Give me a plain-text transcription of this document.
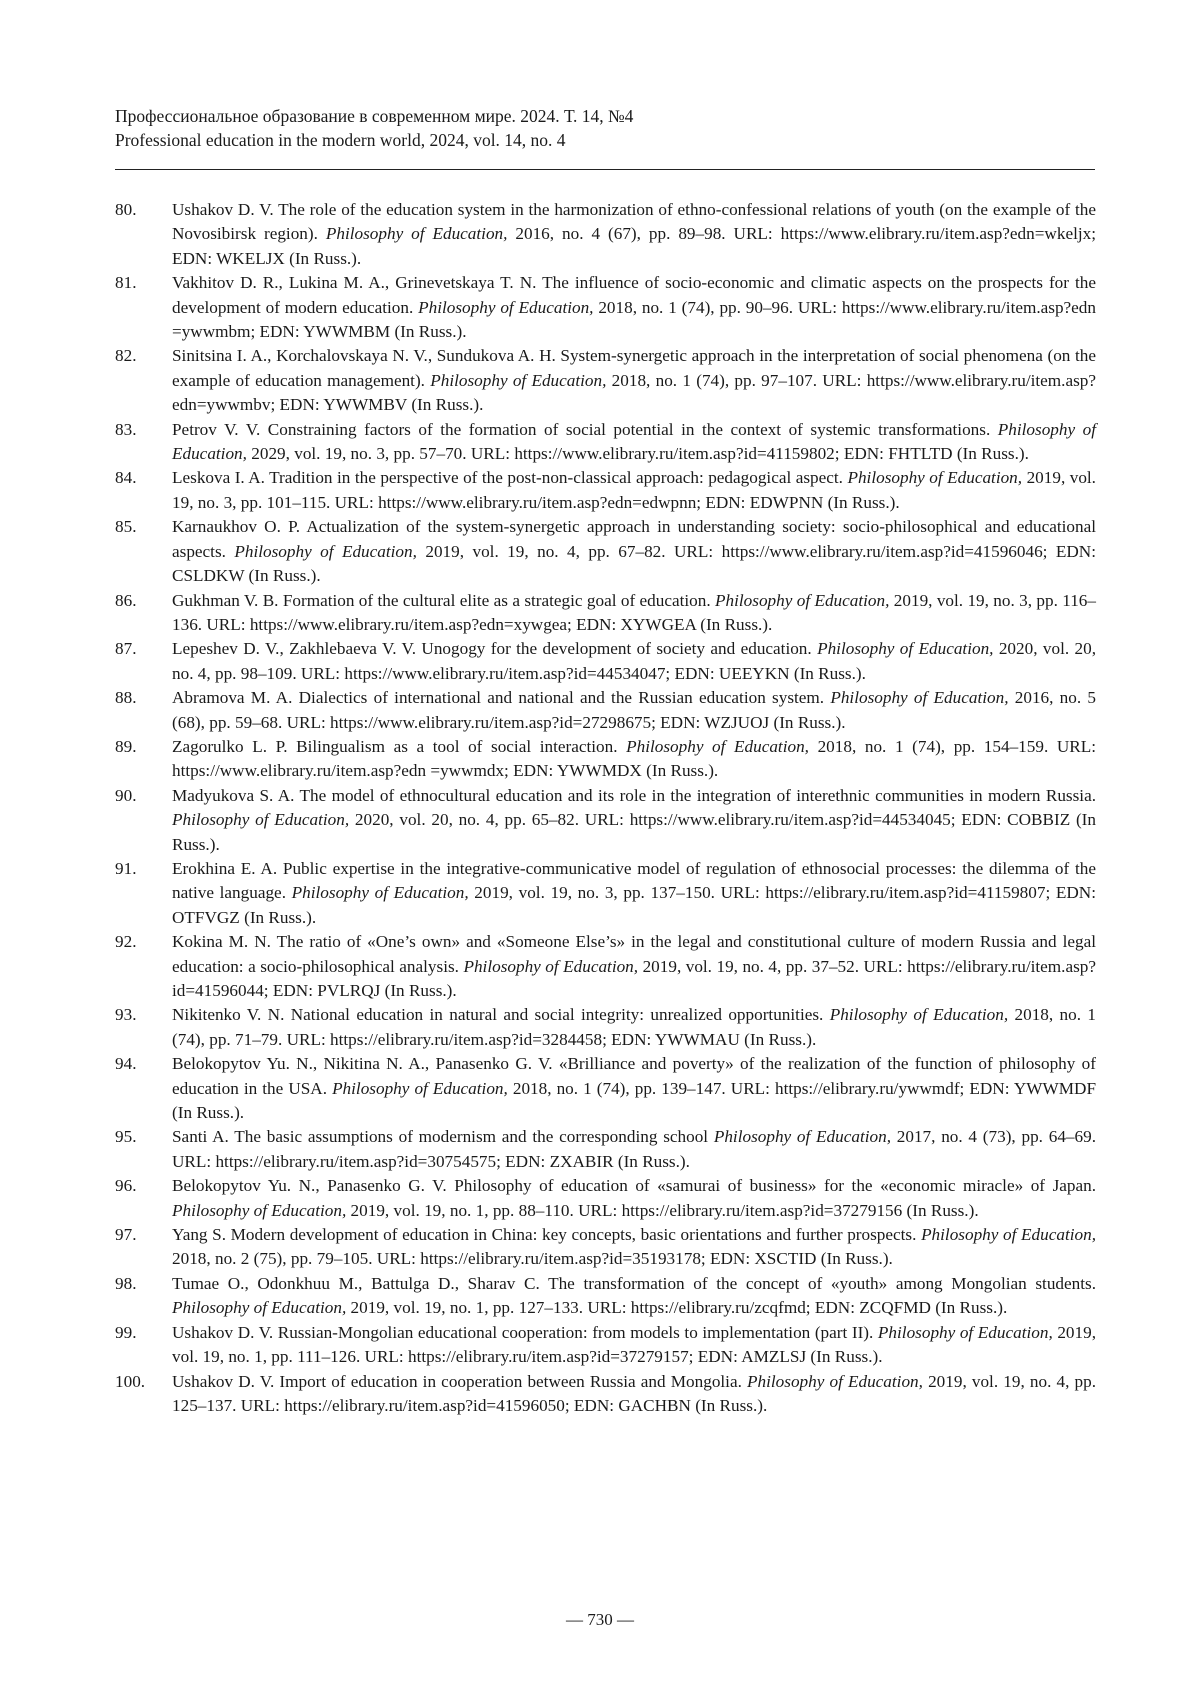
Профессиональное образование в современном мире. 2024. Т. 14, №4
Professional education in the modern world, 2024, vol. 14, no. 4
80.	Ushakov D. V. The role of the education system in the harmonization of ethno-confessional relations of youth (on the example of the Novosibirsk region). Philosophy of Education, 2016, no. 4 (67), pp. 89–98. URL: https://www.elibrary.ru/item.asp?edn=wkeljx; EDN: WKELJX (In Russ.).
81.	Vakhitov D. R., Lukina M. A., Grinevetskaya T. N. The influence of socio-economic and climatic aspects on the prospects for the development of modern education. Philosophy of Education, 2018, no. 1 (74), pp. 90–96. URL: https://www.elibrary.ru/item.asp?edn =ywwmbm; EDN: YWWMBM (In Russ.).
82.	Sinitsina I. A., Korchalovskaya N. V., Sundukova A. H. System-synergetic approach in the interpretation of social phenomena (on the example of education management). Philosophy of Education, 2018, no. 1 (74), pp. 97–107. URL: https://www.elibrary.ru/item.asp?edn=ywwmbv; EDN: YWWMBV (In Russ.).
83.	Petrov V. V. Constraining factors of the formation of social potential in the context of systemic transformations. Philosophy of Education, 2029, vol. 19, no. 3, pp. 57–70. URL: https://www.elibrary.ru/item.asp?id=41159802; EDN: FHTLTD (In Russ.).
84.	Leskova I. A. Tradition in the perspective of the post-non-classical approach: pedagogical aspect. Philosophy of Education, 2019, vol. 19, no. 3, pp. 101–115. URL: https://www.elibrary.ru/item.asp?edn=edwpnn; EDN: EDWPNN (In Russ.).
85.	Karnaukhov O. P. Actualization of the system-synergetic approach in understanding society: socio-philosophical and educational aspects. Philosophy of Education, 2019, vol. 19, no. 4, pp. 67–82. URL: https://www.elibrary.ru/item.asp?id=41596046; EDN: CSLDKW (In Russ.).
86.	Gukhman V. B. Formation of the cultural elite as a strategic goal of education. Philosophy of Education, 2019, vol. 19, no. 3, pp. 116–136. URL: https://www.elibrary.ru/item.asp?edn=xywgea; EDN: XYWGEA (In Russ.).
87.	Lepeshev D. V., Zakhlebaeva V. V. Unogogy for the development of society and education. Philosophy of Education, 2020, vol. 20, no. 4, pp. 98–109. URL: https://www.elibrary.ru/item.asp?id=44534047; EDN: UEEYKN (In Russ.).
88.	Abramova M. A. Dialectics of international and national and the Russian education system. Philosophy of Education, 2016, no. 5 (68), pp. 59–68. URL: https://www.elibrary.ru/item.asp?id=27298675; EDN: WZJUOJ (In Russ.).
89.	Zagorulko L. P. Bilingualism as a tool of social interaction. Philosophy of Education, 2018, no. 1 (74), pp. 154–159. URL: https://www.elibrary.ru/item.asp?edn =ywwmdx; EDN: YWWMDX (In Russ.).
90.	Madyukova S. A. The model of ethnocultural education and its role in the integration of interethnic communities in modern Russia. Philosophy of Education, 2020, vol. 20, no. 4, pp. 65–82. URL: https://www.elibrary.ru/item.asp?id=44534045; EDN: COBBIZ (In Russ.).
91.	Erokhina E. A. Public expertise in the integrative-communicative model of regulation of ethnosocial processes: the dilemma of the native language. Philosophy of Education, 2019, vol. 19, no. 3, pp. 137–150. URL: https://elibrary.ru/item.asp?id=41159807; EDN: OTFVGZ (In Russ.).
92.	Kokina M. N. The ratio of «One’s own» and «Someone Else’s» in the legal and constitutional culture of modern Russia and legal education: a socio-philosophical analysis. Philosophy of Education, 2019, vol. 19, no. 4, pp. 37–52. URL: https://elibrary.ru/item.asp?id=41596044; EDN: PVLRQJ (In Russ.).
93.	Nikitenko V. N. National education in natural and social integrity: unrealized opportunities. Philosophy of Education, 2018, no. 1 (74), pp. 71–79. URL: https://elibrary.ru/item.asp?id=3284458; EDN: YWWMAU (In Russ.).
94.	Belokopytov Yu. N., Nikitina N. A., Panasenko G. V. «Brilliance and poverty» of the realization of the function of philosophy of education in the USA. Philosophy of Education, 2018, no. 1 (74), pp. 139–147. URL: https://elibrary.ru/ywwmdf; EDN: YWWMDF (In Russ.).
95.	Santi A. The basic assumptions of modernism and the corresponding school Philosophy of Education, 2017, no. 4 (73), pp. 64–69. URL: https://elibrary.ru/item.asp?id=30754575; EDN: ZXABIR (In Russ.).
96.	Belokopytov Yu. N., Panasenko G. V. Philosophy of education of «samurai of business» for the «economic miracle» of Japan. Philosophy of Education, 2019, vol. 19, no. 1, pp. 88–110. URL: https://elibrary.ru/item.asp?id=37279156 (In Russ.).
97.	Yang S. Modern development of education in China: key concepts, basic orientations and further prospects. Philosophy of Education, 2018, no. 2 (75), pp. 79–105. URL: https://elibrary.ru/item.asp?id=35193178; EDN: XSCTID (In Russ.).
98.	Tumae O., Odonkhuu M., Battulga D., Sharav C. The transformation of the concept of «youth» among Mongolian students. Philosophy of Education, 2019, vol. 19, no. 1, pp. 127–133. URL: https://elibrary.ru/zcqfmd; EDN: ZCQFMD (In Russ.).
99.	Ushakov D. V. Russian-Mongolian educational cooperation: from models to implementation (part II). Philosophy of Education, 2019, vol. 19, no. 1, pp. 111–126. URL: https://elibrary.ru/item.asp?id=37279157; EDN: AMZLSJ (In Russ.).
100.	Ushakov D. V. Import of education in cooperation between Russia and Mongolia. Philosophy of Education, 2019, vol. 19, no. 4, pp. 125–137. URL: https://elibrary.ru/item.asp?id=41596050; EDN: GACHBN (In Russ.).
— 730 —
